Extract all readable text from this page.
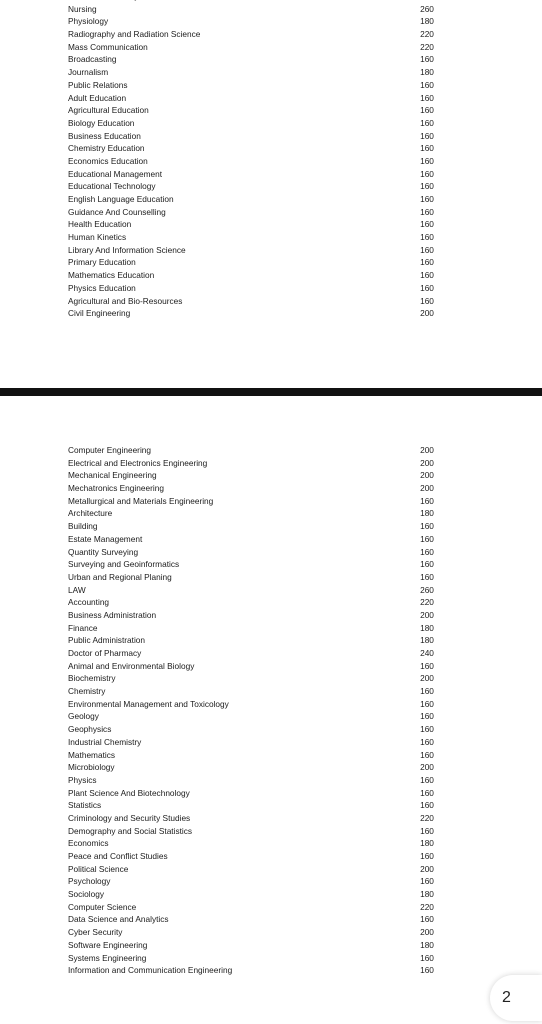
Nursing	260
Physiology	180
Radiography and Radiation Science	220
Mass Communication	220
Broadcasting	160
Journalism	180
Public Relations	160
Adult Education	160
Agricultural Education	160
Biology Education	160
Business Education	160
Chemistry Education	160
Economics Education	160
Educational Management	160
Educational Technology	160
English Language Education	160
Guidance And Counselling	160
Health Education	160
Human Kinetics	160
Library And Information Science	160
Primary Education	160
Mathematics Education	160
Physics Education	160
Agricultural and Bio-Resources	160
Civil Engineering	200
Computer Engineering	200
Electrical and Electronics Engineering	200
Mechanical Engineering	200
Mechatronics Engineering	200
Metallurgical and Materials Engineering	160
Architecture	180
Building	160
Estate Management	160
Quantity Surveying	160
Surveying and Geoinformatics	160
Urban and Regional Planing	160
LAW	260
Accounting	220
Business Administration	200
Finance	180
Public Administration	180
Doctor of Pharmacy	240
Animal and Environmental Biology	160
Biochemistry	200
Chemistry	160
Environmental Management and Toxicology	160
Geology	160
Geophysics	160
Industrial Chemistry	160
Mathematics	160
Microbiology	200
Physics	160
Plant Science And Biotechnology	160
Statistics	160
Criminology and Security Studies	220
Demography and Social Statistics	160
Economics	180
Peace and Conflict Studies	160
Political Science	200
Psychology	160
Sociology	180
Computer Science	220
Data Science and Analytics	160
Cyber Security	200
Software Engineering	180
Systems Engineering	160
Information and Communication Engineering	160
2
